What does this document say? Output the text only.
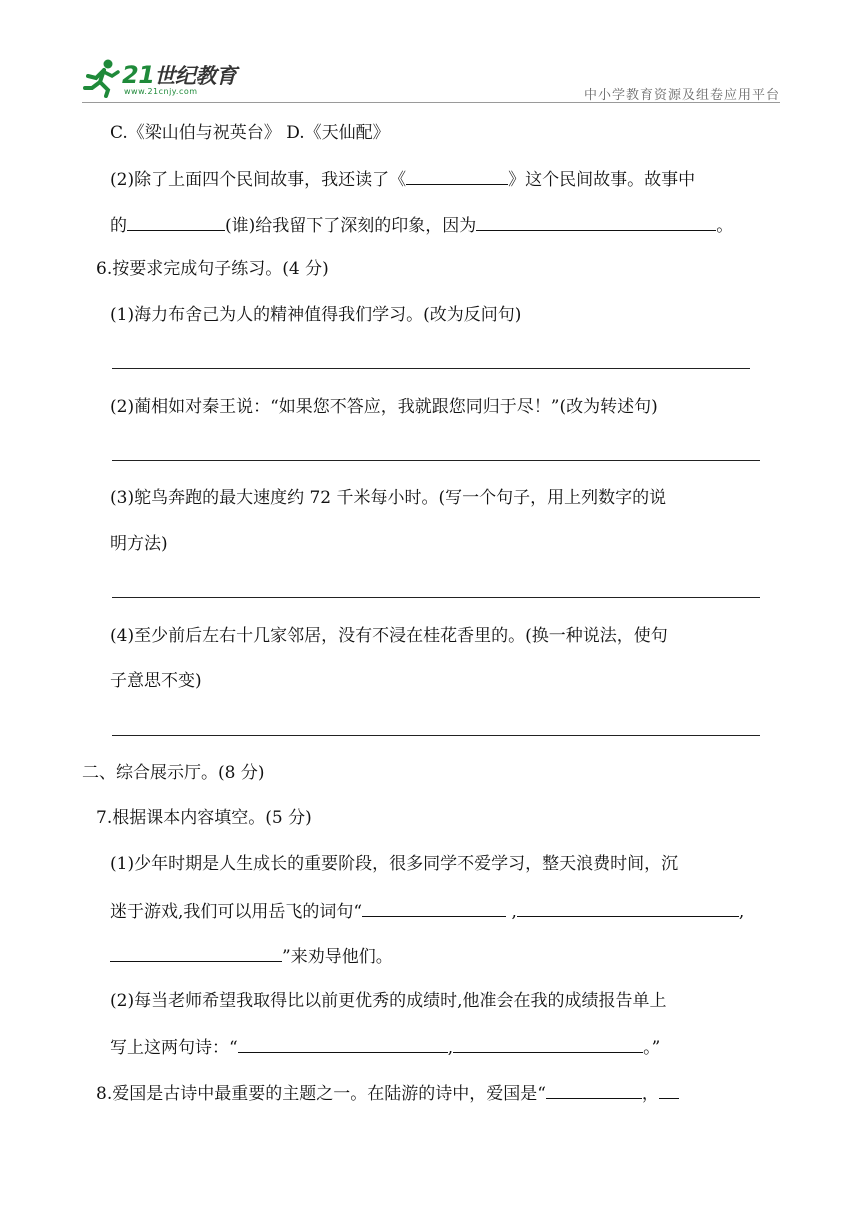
21世纪教育
www.21cnjy.com	中小学教育资源及组卷应用平台
C.《梁山伯与祝英台》 D.《天仙配》
(2)除了上面四个民间故事，我还读了《	》这个民间故事。故事中
的	(谁)给我留下了深刻的印象，因为	。
6.按要求完成句子练习。(4 分)
(1)海力布舍己为人的精神值得我们学习。(改为反问句)
(2)蔺相如对秦王说：“如果您不答应，我就跟您同归于尽！”(改为转述句)
(3)鸵鸟奔跑的最大速度约 72 千米每小时。(写一个句子，用上列数字的说
明方法)
(4)至少前后左右十几家邻居，没有不浸在桂花香里的。(换一种说法，使句
子意思不变)
二、综合展示厅。(8 分)
7.根据课本内容填空。(5 分)
(1)少年时期是人生成长的重要阶段，很多同学不爱学习，整天浪费时间，沉
迷于游戏,我们可以用岳飞的词句“	,	,
”来劝导他们。
(2)每当老师希望我取得比以前更优秀的成绩时,他准会在我的成绩报告单上
写上这两句诗：“	,	。”
8.爱国是古诗中最重要的主题之一。在陆游的诗中，爱国是“	，
